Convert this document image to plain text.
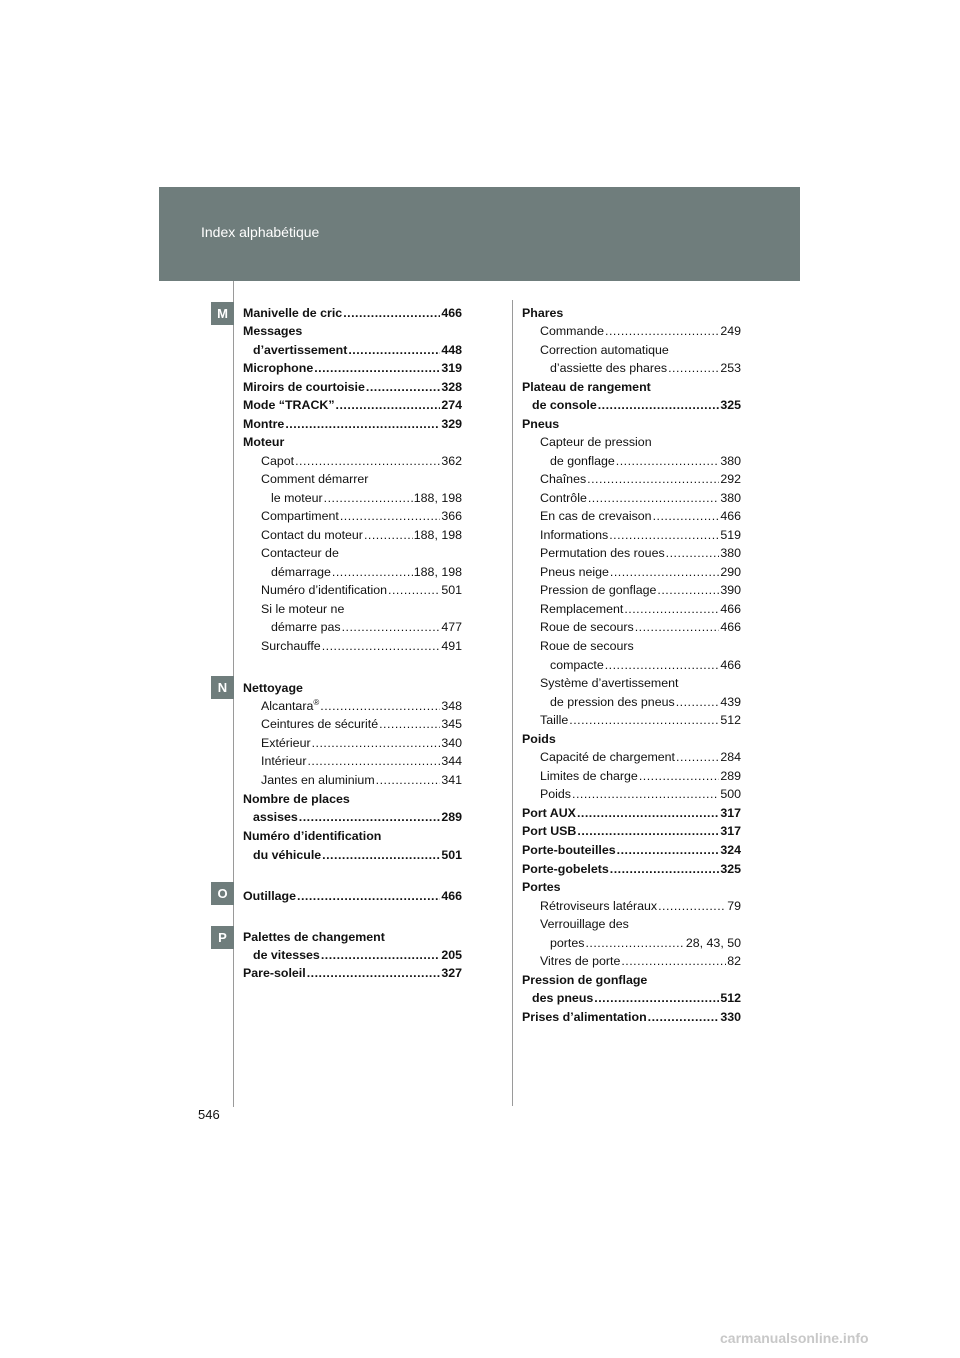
Index alphabétique
M
N
O
P
Manivelle de cric .....	466
Messages
d’avertissement .....	448
Microphone .....	319
Miroirs de courtoisie .....	328
Mode “TRACK” .....	274
Montre .....	329
Moteur
Capot .....	362
Comment démarrer
le moteur .....	188, 198
Compartiment .....	366
Contact du moteur .....	188, 198
Contacteur de
démarrage .....	188, 198
Numéro d’identification .....	501
Si le moteur ne
démarre pas .....	477
Surchauffe .....	491
Nettoyage
Alcantara® .....	348
Ceintures de sécurité .....	345
Extérieur .....	340
Intérieur .....	344
Jantes en aluminium .....	341
Nombre de places
assises .....	289
Numéro d’identification
du véhicule .....	501
Outillage .....	466
Palettes de changement
de vitesses .....	205
Pare-soleil .....	327
Phares
Commande .....	249
Correction automatique
d’assiette des phares .....	253
Plateau de rangement
de console .....	325
Pneus
Capteur de pression
de gonflage .....	380
Chaînes .....	292
Contrôle .....	380
En cas de crevaison .....	466
Informations .....	519
Permutation des roues .....	380
Pneus neige .....	290
Pression de gonflage .....	390
Remplacement .....	466
Roue de secours .....	466
Roue de secours
compacte .....	466
Système d’avertissement
de pression des pneus .....	439
Taille .....	512
Poids
Capacité de chargement .....	284
Limites de charge .....	289
Poids .....	500
Port AUX .....	317
Port USB .....	317
Porte-bouteilles .....	324
Porte-gobelets .....	325
Portes
Rétroviseurs latéraux .....	79
Verrouillage des
portes .....	28, 43, 50
Vitres de porte .....	82
Pression de gonflage
des pneus .....	512
Prises d’alimentation .....	330
546
carmanualsonline.info
